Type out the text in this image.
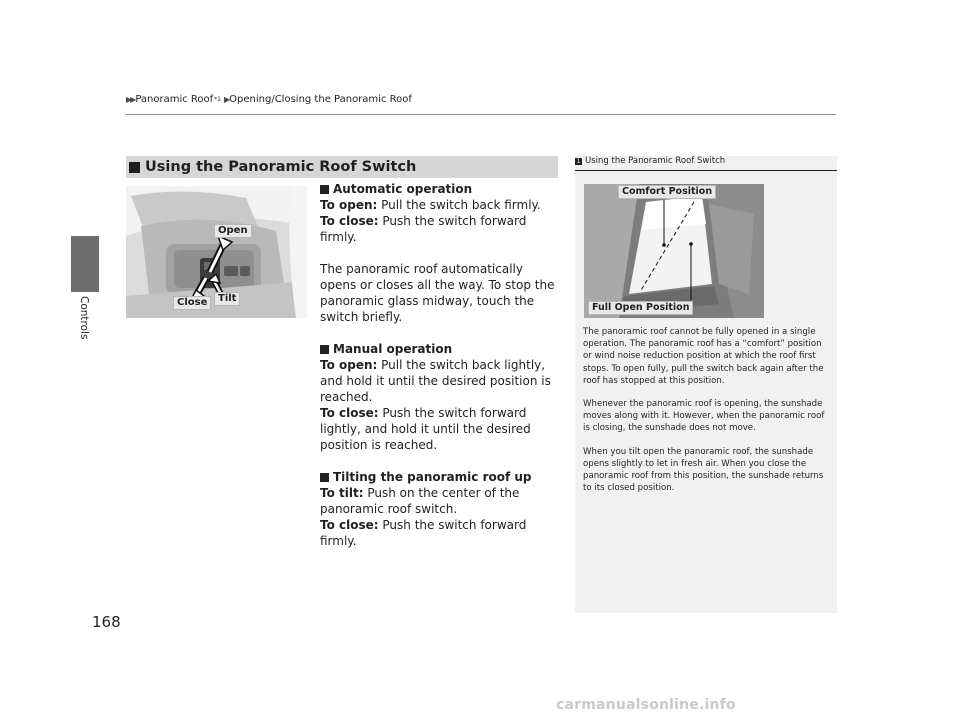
▶▶ Panoramic Roof *1 ▶ Opening/Closing the Panoramic Roof
Controls
Using the Panoramic Roof Switch
Open
Close	Tilt

Automatic operation

To open: Pull the switch back firmly.

To close: Push the switch forward firmly.

The panoramic roof automatically opens or closes all the way. To stop the panoramic glass midway, touch the switch briefly.

Manual operation

To open: Pull the switch back lightly, and hold it until the desired position is reached.

To close: Push the switch forward lightly, and hold it until the desired position is reached.

Tilting the panoramic roof up

To tilt: Push on the center of the panoramic roof switch.

To close: Push the switch forward firmly.

1 Using the Panoramic Roof Switch
Comfort Position
Full Open Position

The panoramic roof cannot be fully opened in a single operation. The panoramic roof has a “comfort” position or wind noise reduction position at which the roof first stops. To open fully, pull the switch back again after the roof has stopped at this position.

Whenever the panoramic roof is opening, the sunshade moves along with it. However, when the panoramic roof is closing, the sunshade does not move.

When you tilt open the panoramic roof, the sunshade opens slightly to let in fresh air. When you close the panoramic roof from this position, the sunshade returns to its closed position.

168
carmanualsonline.info
